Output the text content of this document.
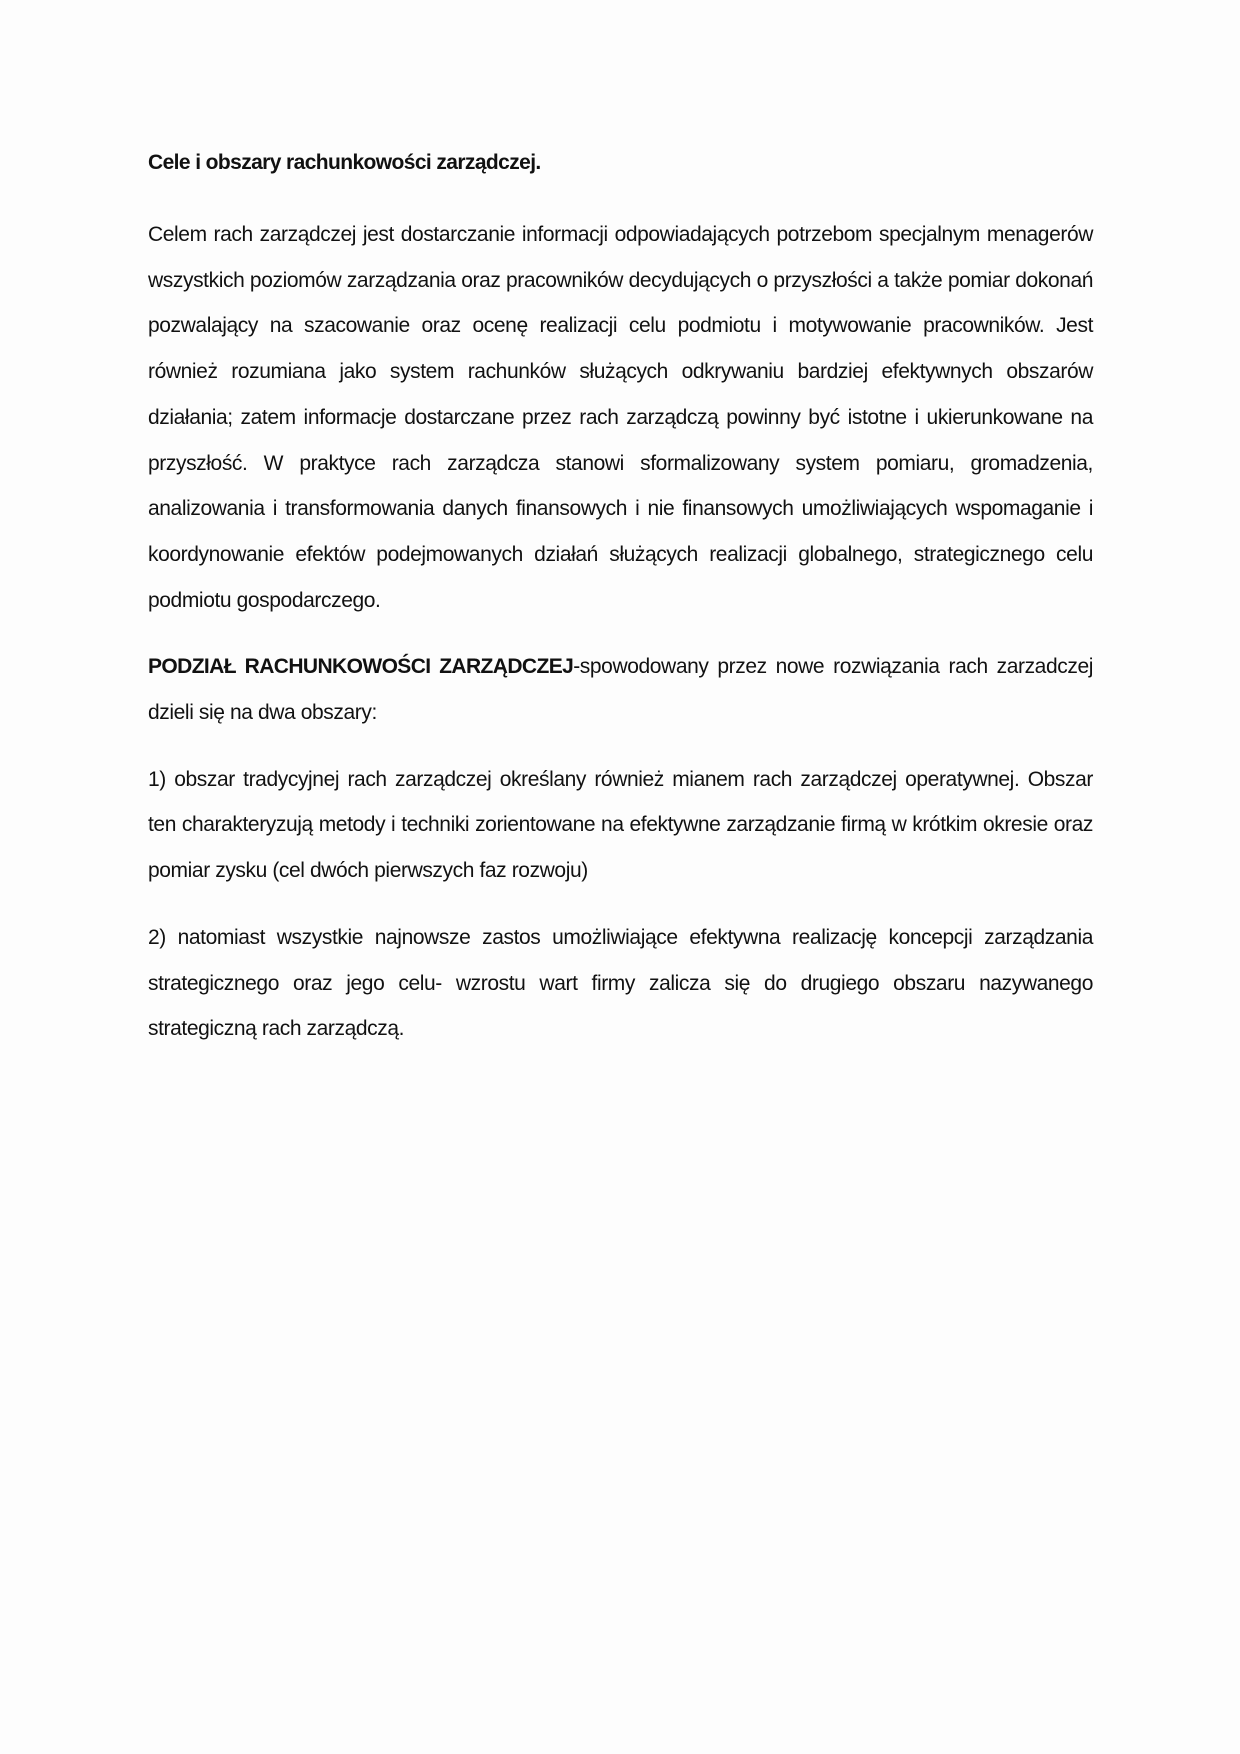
Cele i obszary rachunkowości zarządczej.

Celem rach zarządczej jest dostarczanie informacji odpowiadających potrzebom specjalnym menagerów wszystkich poziomów zarządzania oraz pracowników decydujących o przyszłości a także pomiar dokonań pozwalający na szacowanie oraz ocenę realizacji celu podmiotu i motywowanie pracowników. Jest również rozumiana jako system rachunków służących odkrywaniu bardziej efektywnych obszarów działania; zatem informacje dostarczane przez rach zarządczą powinny być istotne i ukierunkowane na przyszłość. W praktyce rach zarządcza stanowi sformalizowany system pomiaru, gromadzenia, analizowania i transformowania danych finansowych i nie finansowych umożliwiających wspomaganie i koordynowanie efektów podejmowanych działań służących realizacji globalnego, strategicznego celu podmiotu gospodarczego.

PODZIAŁ RACHUNKOWOŚCI ZARZĄDCZEJ-spowodowany przez nowe rozwiązania rach zarzadczej dzieli się na dwa obszary:

1) obszar tradycyjnej rach zarządczej określany również mianem rach zarządczej operatywnej. Obszar ten charakteryzują metody i techniki zorientowane na efektywne zarządzanie firmą w krótkim okresie oraz pomiar zysku (cel dwóch pierwszych faz rozwoju)

2) natomiast wszystkie najnowsze zastos umożliwiające efektywna realizację koncepcji zarządzania strategicznego oraz jego celu- wzrostu wart firmy zalicza się do drugiego obszaru nazywanego strategiczną rach zarządczą.
